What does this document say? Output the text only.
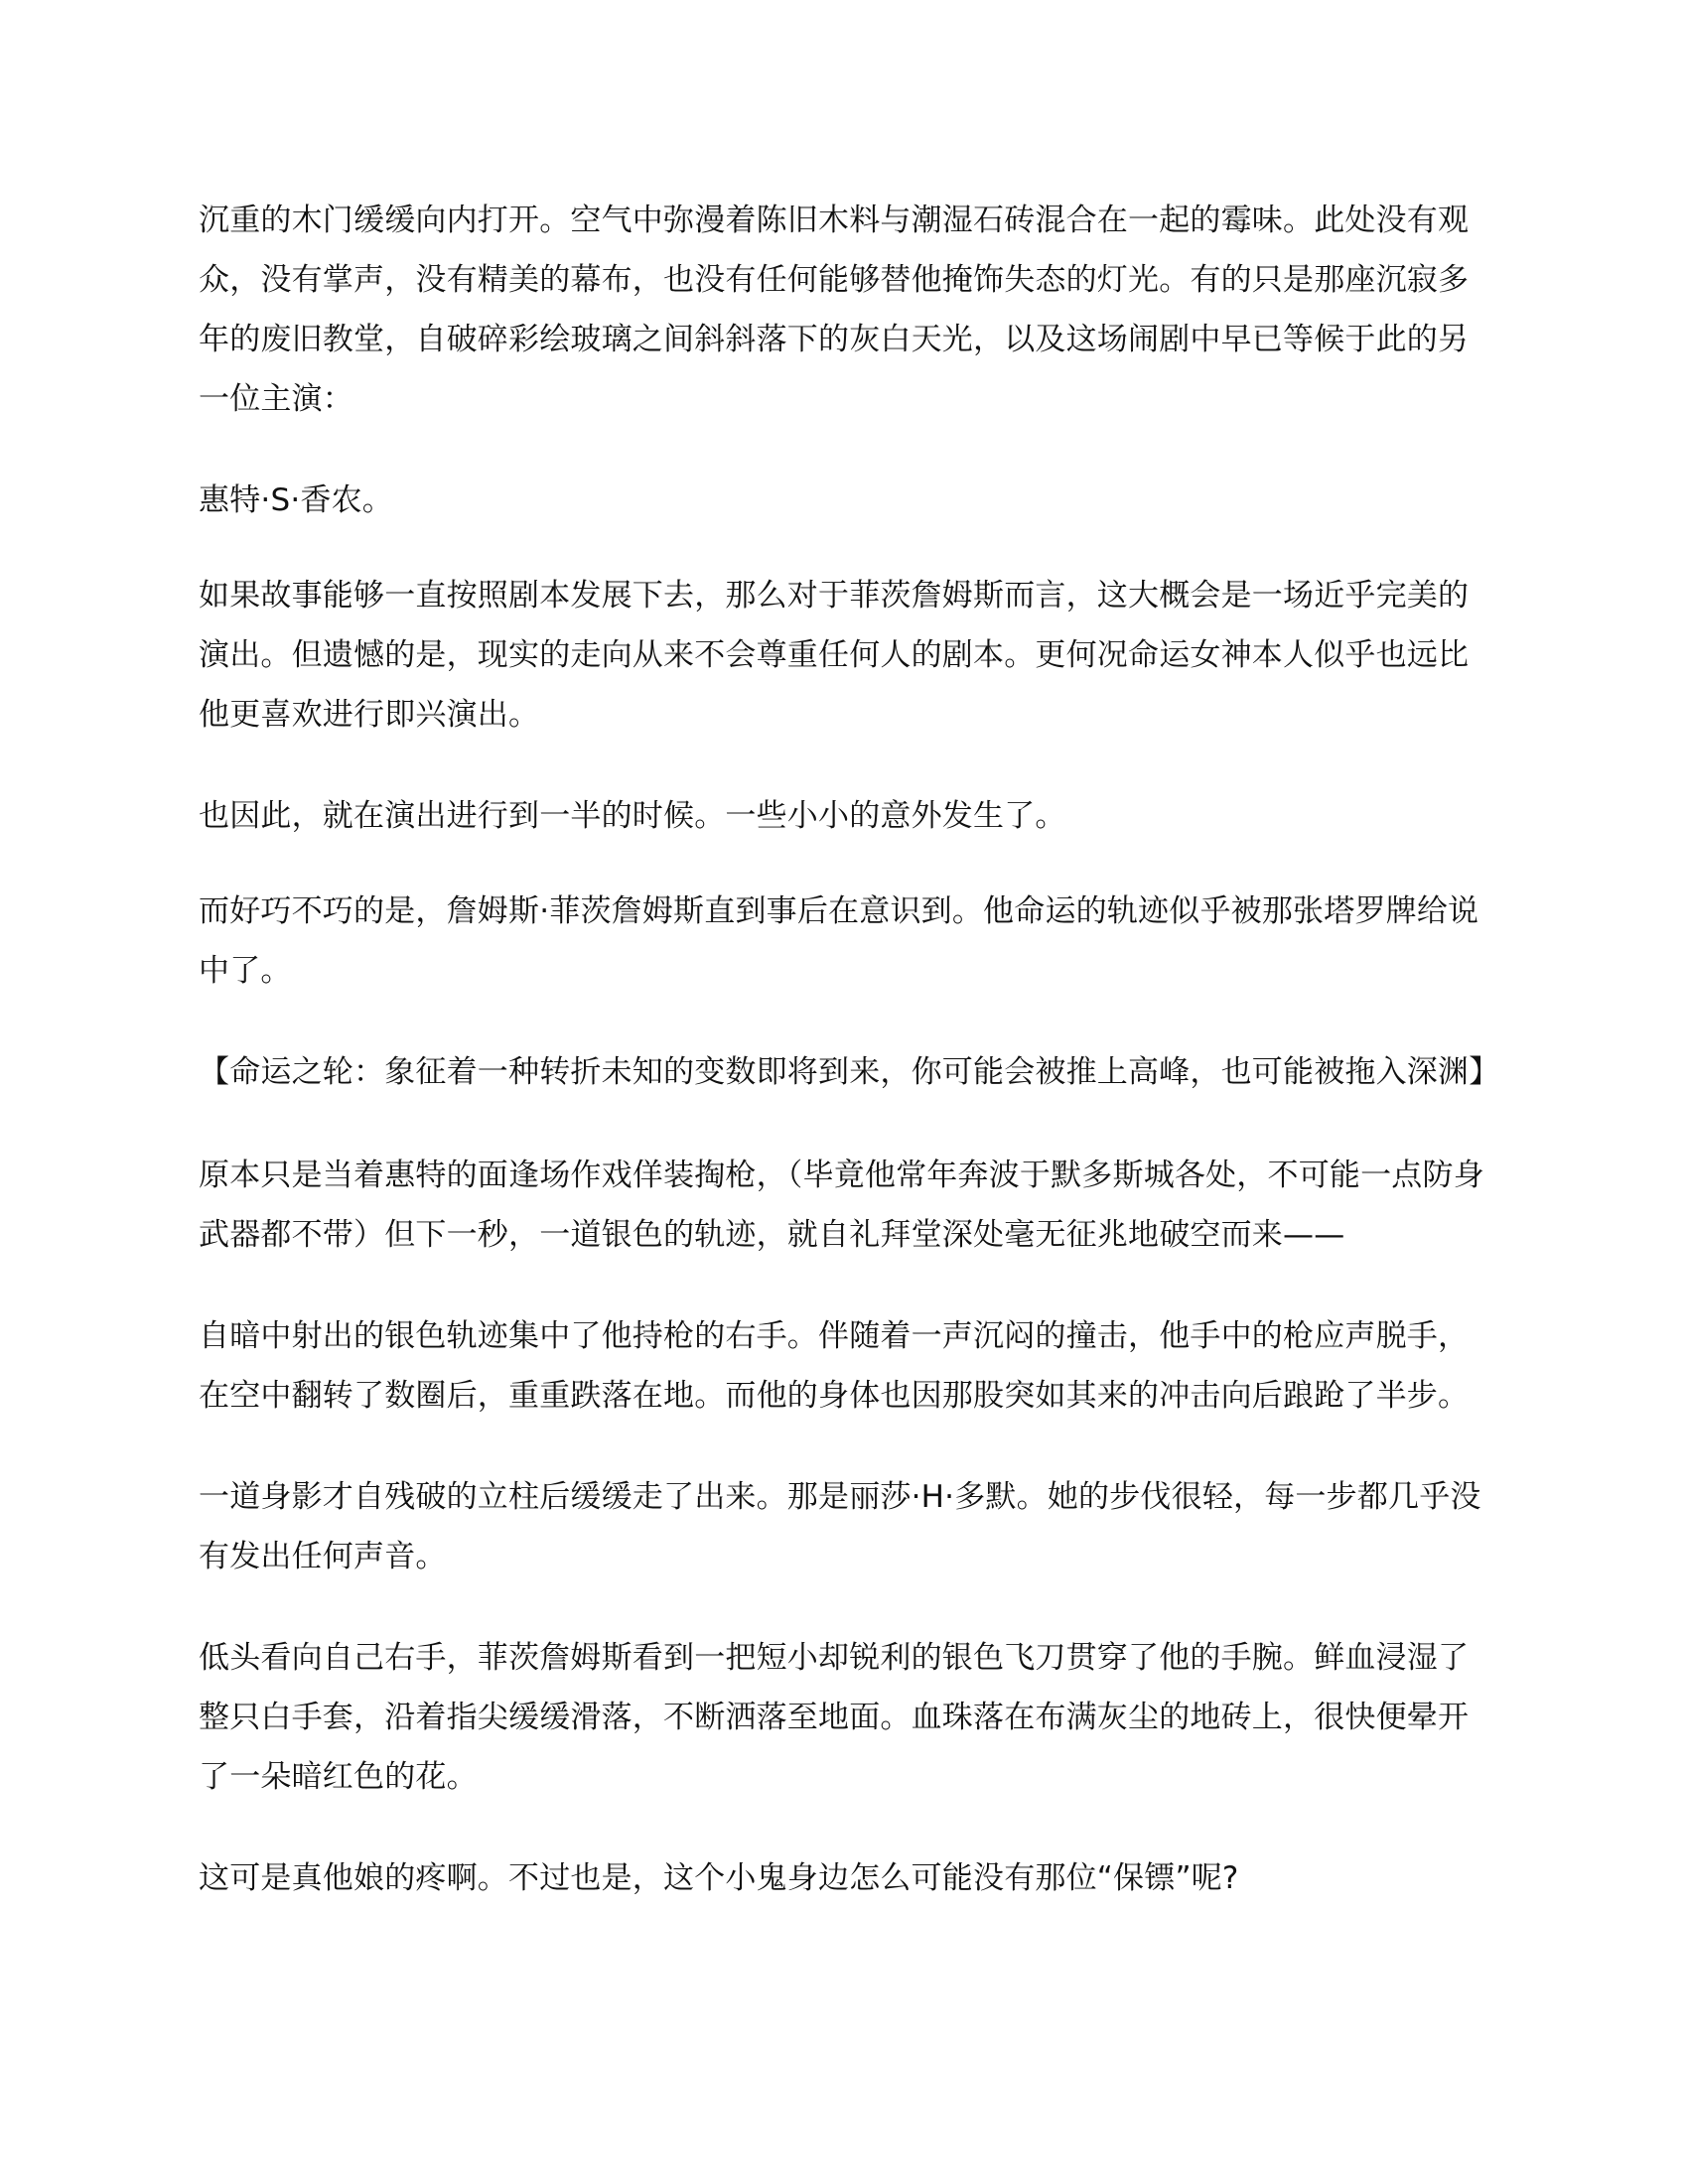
沉重的木门缓缓向内打开。空气中弥漫着陈旧木料与潮湿石砖混合在一起的霉味。此处没有观众，没有掌声，没有精美的幕布，也没有任何能够替他掩饰失态的灯光。有的只是那座沉寂多年的废旧教堂，自破碎彩绘玻璃之间斜斜落下的灰白天光，以及这场闹剧中早已等候于此的另一位主演：

惠特·S·香农。

如果故事能够一直按照剧本发展下去，那么对于菲茨詹姆斯而言，这大概会是一场近乎完美的演出。但遗憾的是，现实的走向从来不会尊重任何人的剧本。更何况命运女神本人似乎也远比他更喜欢进行即兴演出。

也因此，就在演出进行到一半的时候。一些小小的意外发生了。

而好巧不巧的是，詹姆斯·菲茨詹姆斯直到事后在意识到。他命运的轨迹似乎被那张塔罗牌给说中了。

【命运之轮：象征着一种转折未知的变数即将到来，你可能会被推上高峰，也可能被拖入深渊】

原本只是当着惠特的面逢场作戏佯装掏枪，（毕竟他常年奔波于默多斯城各处，不可能一点防身武器都不带）但下一秒，一道银色的轨迹，就自礼拜堂深处毫无征兆地破空而来——

自暗中射出的银色轨迹集中了他持枪的右手。伴随着一声沉闷的撞击，他手中的枪应声脱手，在空中翻转了数圈后，重重跌落在地。而他的身体也因那股突如其来的冲击向后踉跄了半步。

一道身影才自残破的立柱后缓缓走了出来。那是丽莎·H·多默。她的步伐很轻，每一步都几乎没有发出任何声音。

低头看向自己右手，菲茨詹姆斯看到一把短小却锐利的银色飞刀贯穿了他的手腕。鲜血浸湿了整只白手套，沿着指尖缓缓滑落，不断洒落至地面。血珠落在布满灰尘的地砖上，很快便晕开了一朵暗红色的花。

这可是真他娘的疼啊。不过也是，这个小鬼身边怎么可能没有那位“保镖”呢?
